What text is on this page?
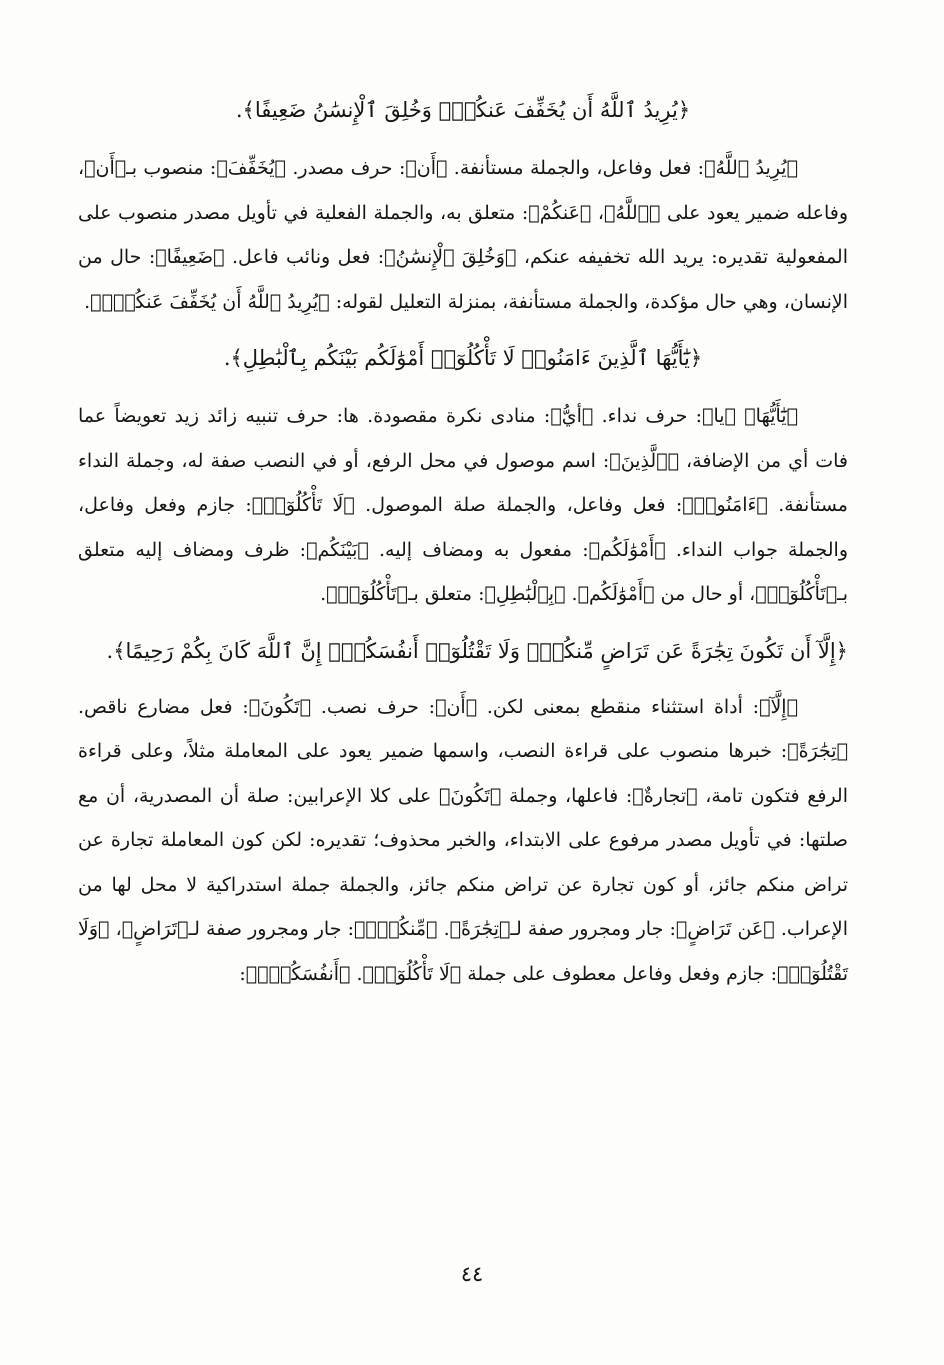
﴿يُرِيدُ ٱللَّهُ أَن يُخَفِّفَ عَنكُمْۚ وَخُلِقَ ٱلْإِنسَٰنُ ضَعِيفًا﴾.

﴿يُرِيدُ ٱللَّهُ﴾: فعل وفاعل، والجملة مستأنفة. ﴿أَن﴾: حرف مصدر. ﴿يُخَفِّفَ﴾: منصوب بـ﴿أَن﴾، وفاعله ضمير يعود على ﴿ٱللَّهُ﴾، ﴿عَنكُمْ﴾: متعلق به، والجملة الفعلية في تأويل مصدر منصوب على المفعولية تقديره: يريد الله تخفيفه عنكم، ﴿وَخُلِقَ ٱلْإِنسَٰنُ﴾: فعل ونائب فاعل. ﴿ضَعِيفًا﴾: حال من الإنسان، وهي حال مؤكدة، والجملة مستأنفة، بمنزلة التعليل لقوله: ﴿يُرِيدُ ٱللَّهُ أَن يُخَفِّفَ عَنكُمْۚ﴾.

﴿يَٰٓأَيُّهَا ٱلَّذِينَ ءَامَنُوا۟ لَا تَأْكُلُوٓا۟ أَمْوَٰلَكُم بَيْنَكُم بِٱلْبَٰطِلِ﴾.

﴿يَٰٓأَيُّهَا﴾ ﴿يا﴾: حرف نداء. ﴿أيُّ﴾: منادى نكرة مقصودة. ها: حرف تنبيه زائد زيد تعويضاً عما فات أي من الإضافة، ﴿ٱلَّذِينَ﴾: اسم موصول في محل الرفع، أو في النصب صفة له، وجملة النداء مستأنفة. ﴿ءَامَنُوا۟﴾: فعل وفاعل، والجملة صلة الموصول. ﴿لَا تَأْكُلُوٓا۟﴾: جازم وفعل وفاعل، والجملة جواب النداء. ﴿أَمْوَٰلَكُم﴾: مفعول به ومضاف إليه. ﴿بَيْنَكُم﴾: ظرف ومضاف إليه متعلق بـ﴿تَأْكُلُوٓا۟﴾، أو حال من ﴿أَمْوَٰلَكُم﴾. ﴿بِٱلْبَٰطِلِ﴾: متعلق بـ﴿تَأْكُلُوٓا۟﴾.

﴿إِلَّآ أَن تَكُونَ تِجَٰرَةً عَن تَرَاضٍ مِّنكُمْۚ وَلَا تَقْتُلُوٓا۟ أَنفُسَكُمْۚ إِنَّ ٱللَّهَ كَانَ بِكُمْ رَحِيمًا﴾.

﴿إِلَّآ﴾: أداة استثناء منقطع بمعنى لكن. ﴿أَن﴾: حرف نصب. ﴿تَكُونَ﴾: فعل مضارع ناقص. ﴿تِجَٰرَةً﴾: خبرها منصوب على قراءة النصب، واسمها ضمير يعود على المعاملة مثلاً، وعلى قراءة الرفع فتكون تامة، ﴿تجارةٌ﴾: فاعلها، وجملة ﴿تَكُونَ﴾ على كلا الإعرابين: صلة أن المصدرية، أن مع صلتها: في تأويل مصدر مرفوع على الابتداء، والخبر محذوف؛ تقديره: لكن كون المعاملة تجارة عن تراض منكم جائز، أو كون تجارة عن تراض منكم جائز، والجملة جملة استدراكية لا محل لها من الإعراب. ﴿عَن تَرَاضٍ﴾: جار ومجرور صفة لـ﴿تِجَٰرَةً﴾. ﴿مِّنكُمْۚ﴾: جار ومجرور صفة لـ﴿تَرَاضٍ﴾، ﴿وَلَا تَقْتُلُوٓا۟﴾: جازم وفعل وفاعل معطوف على جملة ﴿لَا تَأْكُلُوٓا۟﴾. ﴿أَنفُسَكُمْۚ﴾:

٤٤
